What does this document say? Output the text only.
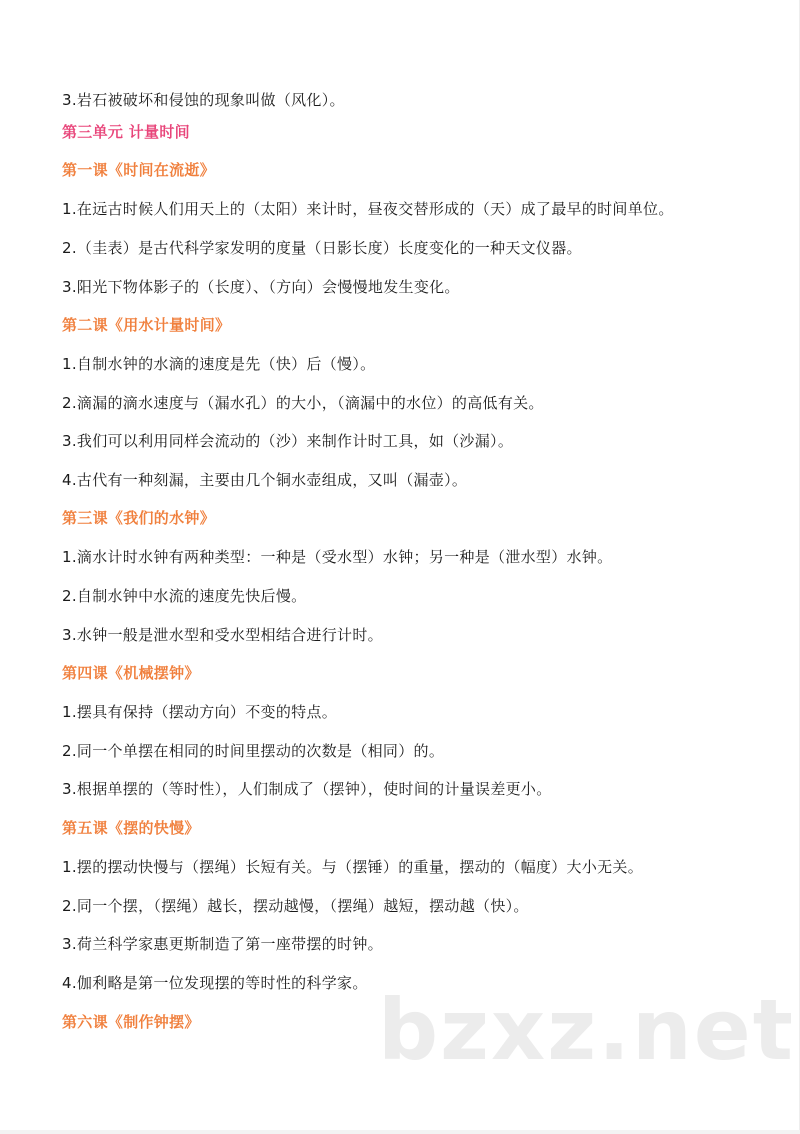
3.岩石被破坏和侵蚀的现象叫做（风化）。
第三单元 计量时间
第一课《时间在流逝》
1.在远古时候人们用天上的（太阳）来计时，昼夜交替形成的（天）成了最早的时间单位。
2.（圭表）是古代科学家发明的度量（日影长度）长度变化的一种天文仪器。
3.阳光下物体影子的（长度）、（方向）会慢慢地发生变化。
第二课《用水计量时间》
1.自制水钟的水滴的速度是先（快）后（慢）。
2.滴漏的滴水速度与（漏水孔）的大小，（滴漏中的水位）的高低有关。
3.我们可以利用同样会流动的（沙）来制作计时工具，如（沙漏）。
4.古代有一种刻漏，主要由几个铜水壶组成，又叫（漏壶）。
第三课《我们的水钟》
1.滴水计时水钟有两种类型：一种是（受水型）水钟；另一种是（泄水型）水钟。
2.自制水钟中水流的速度先快后慢。
3.水钟一般是泄水型和受水型相结合进行计时。
第四课《机械摆钟》
1.摆具有保持（摆动方向）不变的特点。
2.同一个单摆在相同的时间里摆动的次数是（相同）的。
3.根据单摆的（等时性），人们制成了（摆钟），使时间的计量误差更小。
第五课《摆的快慢》
1.摆的摆动快慢与（摆绳）长短有关。与（摆锤）的重量，摆动的（幅度）大小无关。
2.同一个摆，（摆绳）越长，摆动越慢，（摆绳）越短，摆动越（快）。
3.荷兰科学家惠更斯制造了第一座带摆的时钟。
4.伽利略是第一位发现摆的等时性的科学家。
第六课《制作钟摆》 bzxz.net
